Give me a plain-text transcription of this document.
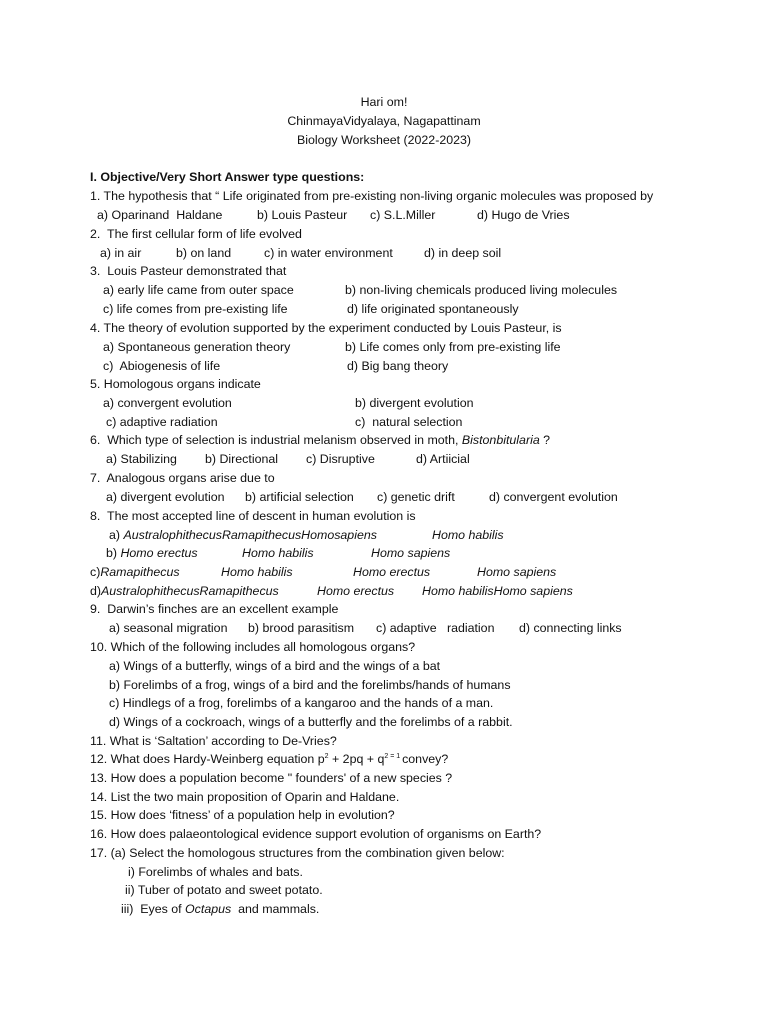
Hari om!
ChinmayaVidyalaya, Nagapattinam
Biology Worksheet (2022-2023)
I. Objective/Very Short Answer type questions:
1. The hypothesis that “ Life originated from pre-existing non-living organic molecules was proposed by
a) Oparinand  Haldane	b) Louis Pasteur c) S.L.Miller	d) Hugo de Vries
2.  The first cellular form of life evolved
a) in air	b) on land	c) in water environment	d) in deep soil
3.  Louis Pasteur demonstrated that
a) early life came from outer space	b) non-living chemicals produced living molecules
c) life comes from pre-existing life	d) life originated spontaneously
4. The theory of evolution supported by the experiment conducted by Louis Pasteur, is
a) Spontaneous generation theory	b) Life comes only from pre-existing life
c)  Abiogenesis of life	d) Big bang theory
5. Homologous organs indicate
a) convergent evolution	b) divergent evolution
c) adaptive radiation	c)  natural selection
6.  Which type of selection is industrial melanism observed in moth, Bistonbitularia ?
a) Stabilizing b) Directional c) Disruptive	d) Artiicial
7.  Analogous organs arise due to
a) divergent evolution b) artificial selection c) genetic drift	d) convergent evolution
8.  The most accepted line of descent in human evolution is
a) AustralophithecusRamapithecusHomosapiens	Homo habilis
b) Homo erectus	Homo habilis	Homo sapiens
c)Ramapithecus	Homo habilis	Homo erectus	Homo sapiens
d)AustralophithecusRamapithecus	Homo erectus Homo habilisHomo sapiens
9.  Darwin’s finches are an excellent example
a) seasonal migration b) brood parasitism c) adaptive   radiation d) connecting links
10. Which of the following includes all homologous organs?
a) Wings of a butterfly, wings of a bird and the wings of a bat
b) Forelimbs of a frog, wings of a bird and the forelimbs/hands of humans
c) Hindlegs of a frog, forelimbs of a kangaroo and the hands of a man.
d) Wings of a cockroach, wings of a butterfly and the forelimbs of a rabbit.
11. What is ‘Saltation’ according to De-Vries?
12. What does Hardy-Weinberg equation $p^2 + 2pq + q^{2 = 1}$ convey?
13. How does a population become " founders' of a new species ?
14. List the two main proposition of Oparin and Haldane.
15. How does ‘fitness’ of a population help in evolution?
16. How does palaeontological evidence support evolution of organisms on Earth?
17. (a) Select the homologous structures from the combination given below:
i) Forelimbs of whales and bats.
ii) Tuber of potato and sweet potato.
iii)  Eyes of Octapus  and mammals.
